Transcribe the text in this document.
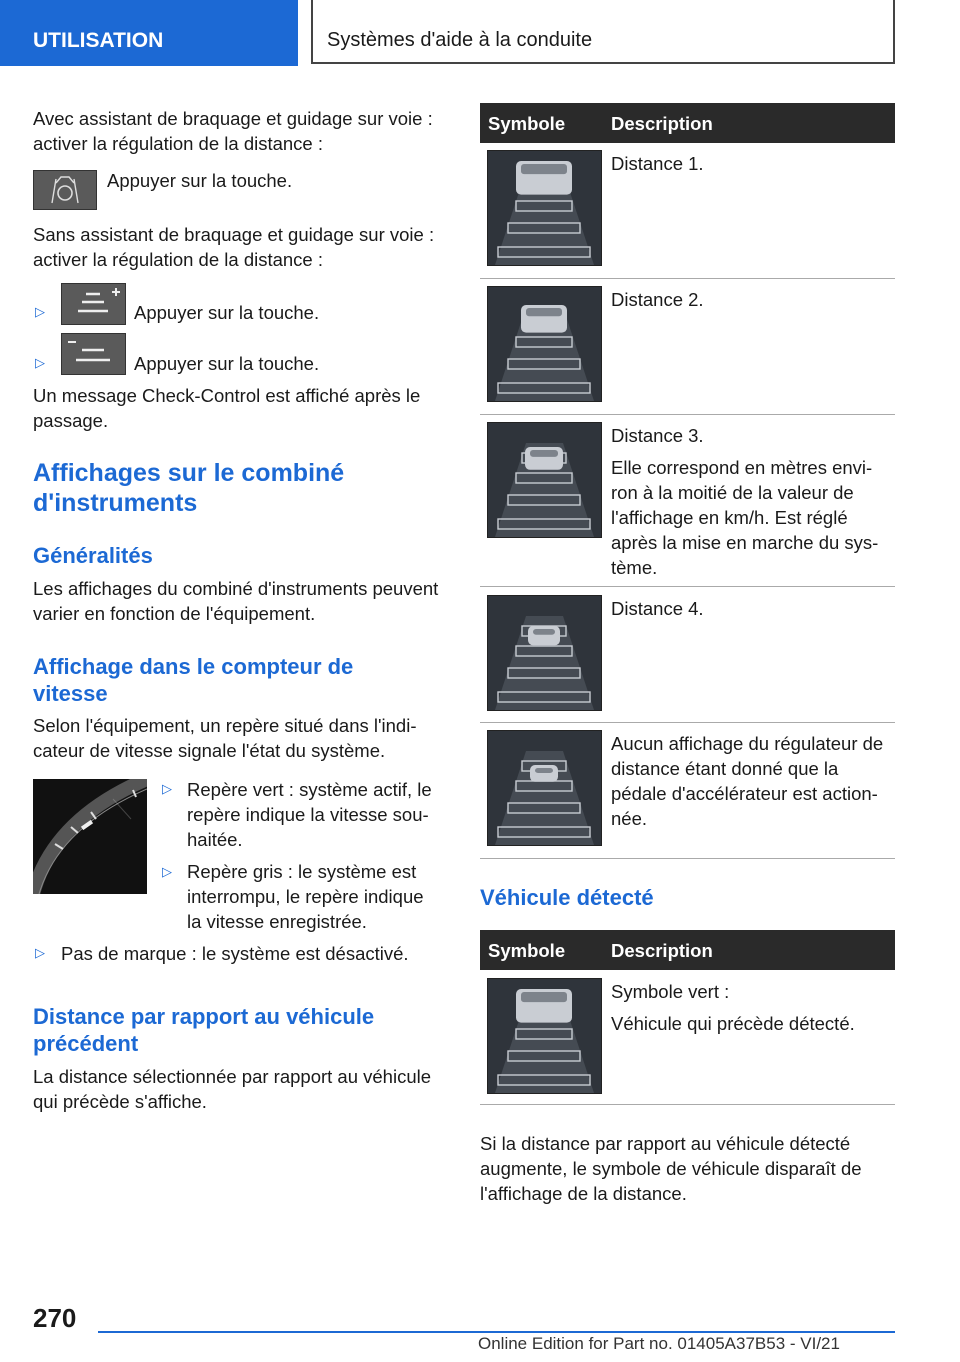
UTILISATION	Systèmes d'aide à la conduite

Avec assistant de braquage et guidage sur voie : activer la régulation de la distance :

Appuyer sur la touche.

Sans assistant de braquage et guidage sur voie : activer la régulation de la distance :

▷	Appuyer sur la touche.

▷	Appuyer sur la touche.

Un message Check-Control est affiché après le passage.

Affichages sur le combiné d'instruments
Généralités

Les affichages du combiné d'instruments peuvent varier en fonction de l'équipement.

Affichage dans le compteur de vitesse

Selon l'équipement, un repère situé dans l'indicateur de vitesse signale l'état du système.

▷ Repère vert : système actif, le repère indique la vitesse souhaitée.

▷ Repère gris : le système est interrompu, le repère indique la vitesse enregistrée.

▷ Pas de marque : le système est désactivé.

Distance par rapport au véhicule précédent

La distance sélectionnée par rapport au véhicule qui précède s'affiche.

Symbole Description

Distance 1.

Distance 2.

Distance 3.

Elle correspond en mètres environ à la moitié de la valeur de l'affichage en km/h. Est réglé après la mise en marche du système.

Distance 4.

Aucun affichage du régulateur de distance étant donné que la pédale d'accélérateur est actionnée.

Véhicule détecté
Symbole Description

Symbole vert :

Véhicule qui précède détecté.

Si la distance par rapport au véhicule détecté augmente, le symbole de véhicule disparaît de l'affichage de la distance.

270
Online Edition for Part no. 01405A37B53 - VI/21
